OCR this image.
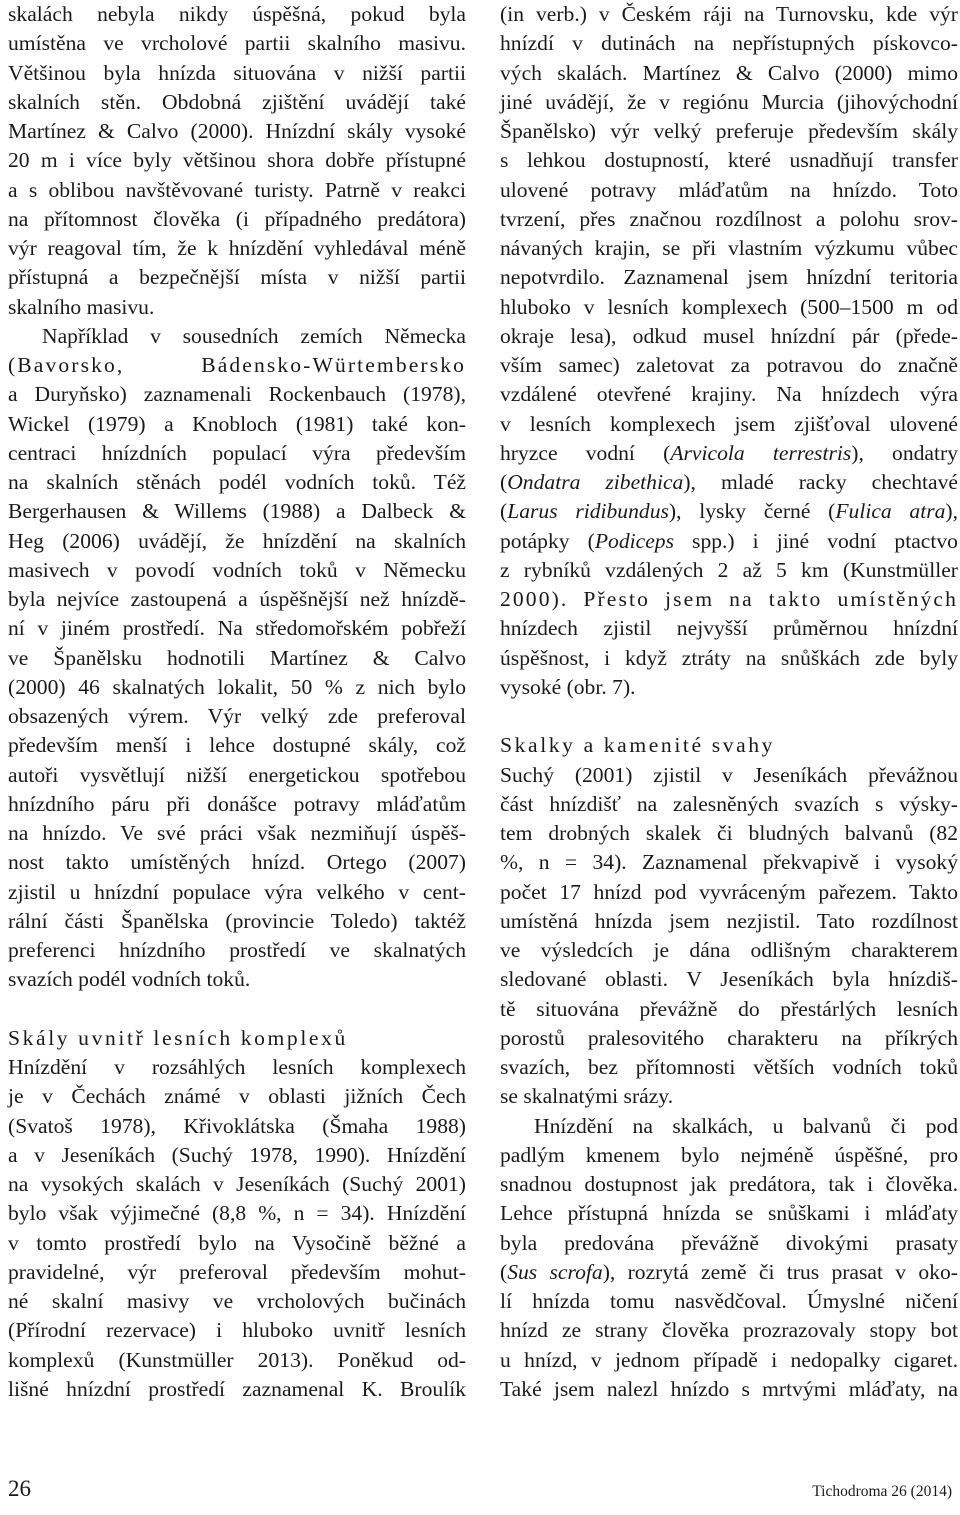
skalách nebyla nikdy úspěšná, pokud byla
umístěna ve vrcholové partii skalního masivu.
Většinou byla hnízda situována v nižší partii
skalních stěn. Obdobná zjištění uvádějí také
Martínez & Calvo (2000). Hnízdní skály vysoké
20 m i více byly většinou shora dobře přístupné
a s oblibou navštěvované turisty. Patrně v reakci
na přítomnost člověka (i případného predátora)
výr reagoval tím, že k hnízdění vyhledával méně
přístupná a bezpečnější místa v nižší partii
skalního masivu.
Například v sousedních zemích Německa
(Bavorsko, Bádensko-Würtembersko
a Duryňsko) zaznamenali Rockenbauch (1978),
Wickel (1979) a Knobloch (1981) také kon-
centraci hnízdních populací výra především
na skalních stěnách podél vodních toků. Též
Bergerhausen & Willems (1988) a Dalbeck &
Heg (2006) uvádějí, že hnízdění na skalních
masivech v povodí vodních toků v Německu
byla nejvíce zastoupená a úspěšnější než hnízdě-
ní v jiném prostředí. Na středomořském pobřeží
ve Španělsku hodnotili Martínez & Calvo
(2000) 46 skalnatých lokalit, 50 % z nich bylo
obsazených výrem. Výr velký zde preferoval
především menší i lehce dostupné skály, což
autoři vysvětlují nižší energetickou spotřebou
hnízdního páru při donášce potravy mláďatům
na hnízdo. Ve své práci však nezmiňují úspěš-
nost takto umístěných hnízd. Ortego (2007)
zjistil u hnízdní populace výra velkého v cent-
rální části Španělska (provincie Toledo) taktéž
preferenci hnízdního prostředí ve skalnatých
svazích podél vodních toků.
Skály uvnitř lesních komplexů
Hnízdění v rozsáhlých lesních komplexech
je v Čechách známé v oblasti jižních Čech
(Svatoš 1978), Křivoklátska (Šmaha 1988)
a v Jeseníkách (Suchý 1978, 1990). Hnízdění
na vysokých skalách v Jeseníkách (Suchý 2001)
bylo však výjimečné (8,8 %, n = 34). Hnízdění
v tomto prostředí bylo na Vysočině běžné a
pravidelné, výr preferoval především mohut-
né skalní masivy ve vrcholových bučinách
(Přírodní rezervace) i hluboko uvnitř lesních
komplexů (Kunstmüller 2013). Poněkud od-
lišné hnízdní prostředí zaznamenal K. Broulík
(in verb.) v Českém ráji na Turnovsku, kde výr
hnízdí v dutinách na nepřístupných pískovco-
vých skalách. Martínez & Calvo (2000) mimo
jiné uvádějí, že v regiónu Murcia (jihovýchodní
Španělsko) výr velký preferuje především skály
s lehkou dostupností, které usnadňují transfer
ulovené potravy mláďatům na hnízdo. Toto
tvrzení, přes značnou rozdílnost a polohu srov-
návaných krajin, se při vlastním výzkumu vůbec
nepotvrdilo. Zaznamenal jsem hnízdní teritoria
hluboko v lesních komplexech (500–1500 m od
okraje lesa), odkud musel hnízdní pár (přede-
vším samec) zaletovat za potravou do značně
vzdálené otevřené krajiny. Na hnízdech výra
v lesních komplexech jsem zjišťoval ulovené
hryzce vodní (Arvicola terrestris), ondatry
(Ondatra zibethica), mladé racky chechtavé
(Larus ridibundus), lysky černé (Fulica atra),
potápky (Podiceps spp.) i jiné vodní ptactvo
z rybníků vzdálených 2 až 5 km (Kunstmüller
2000). Přesto jsem na takto umístěných
hnízdech zjistil nejvyšší průměrnou hnízdní
úspěšnost, i když ztráty na snůškách zde byly
vysoké (obr. 7).
Skalky a kamenité svahy
Suchý (2001) zjistil v Jeseníkách převážnou
část hnízdišť na zalesněných svazích s výsky-
tem drobných skalek či bludných balvanů (82
%, n = 34). Zaznamenal překvapivě i vysoký
počet 17 hnízd pod vyvráceným pařezem. Takto
umístěná hnízda jsem nezjistil. Tato rozdílnost
ve výsledcích je dána odlišným charakterem
sledované oblasti. V Jeseníkách byla hnízdiš-
tě situována převážně do přestárlých lesních
porostů pralesovitého charakteru na příkrých
svazích, bez přítomnosti větších vodních toků
se skalnatými srázy.
Hnízdění na skalkách, u balvanů či pod
padlým kmenem bylo nejméně úspěšné, pro
snadnou dostupnost jak predátora, tak i člověka.
Lehce přístupná hnízda se snůškami i mláďaty
byla predována převážně divokými prasaty
(Sus scrofa), rozrytá země či trus prasat v oko-
lí hnízda tomu nasvědčoval. Úmyslné ničení
hnízd ze strany člověka prozrazovaly stopy bot
u hnízd, v jednom případě i nedopalky cigaret.
Také jsem nalezl hnízdo s mrtvými mláďaty, na
26	Tichodroma 26 (2014)
